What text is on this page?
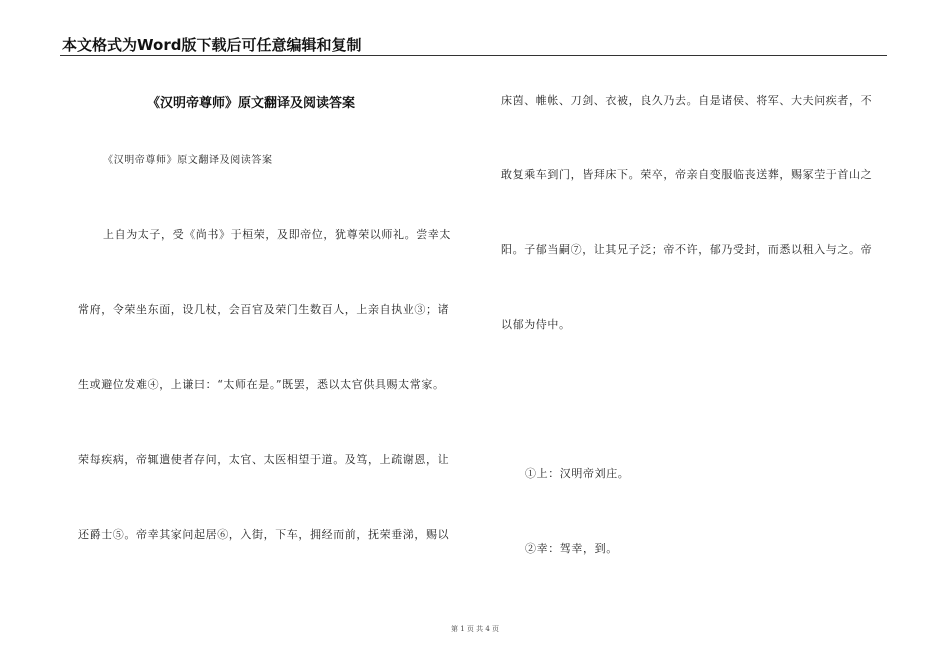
本文格式为Word版下载后可任意编辑和复制
《汉明帝尊师》原文翻译及阅读答案
《汉明帝尊师》原文翻译及阅读答案
上自为太子，受《尚书》于桓荣，及即帝位，犹尊荣以师礼。尝幸太
常府，令荣坐东面，设几杖，会百官及荣门生数百人，上亲自执业③；诸
生或避位发难④，上谦曰：“太师在是。”既罢，悉以太官供具赐太常家。
荣每疾病，帝辄遣使者存问，太官、太医相望于道。及笃，上疏谢恩，让
还爵士⑤。帝幸其家问起居⑥，入街，下车，拥经而前，抚荣垂涕，赐以
床茵、帷帐、刀剑、衣被，良久乃去。自是诸侯、将军、大夫问疾者，不
敢复乘车到门，皆拜床下。荣卒，帝亲自变服临丧送葬，赐冢茔于首山之
阳。子郁当嗣⑦，让其兄子泛；帝不许，郁乃受封，而悉以租入与之。帝
以郁为侍中。
①上：汉明帝刘庄。
②幸：驾幸，到。
第 1 页 共 4 页
